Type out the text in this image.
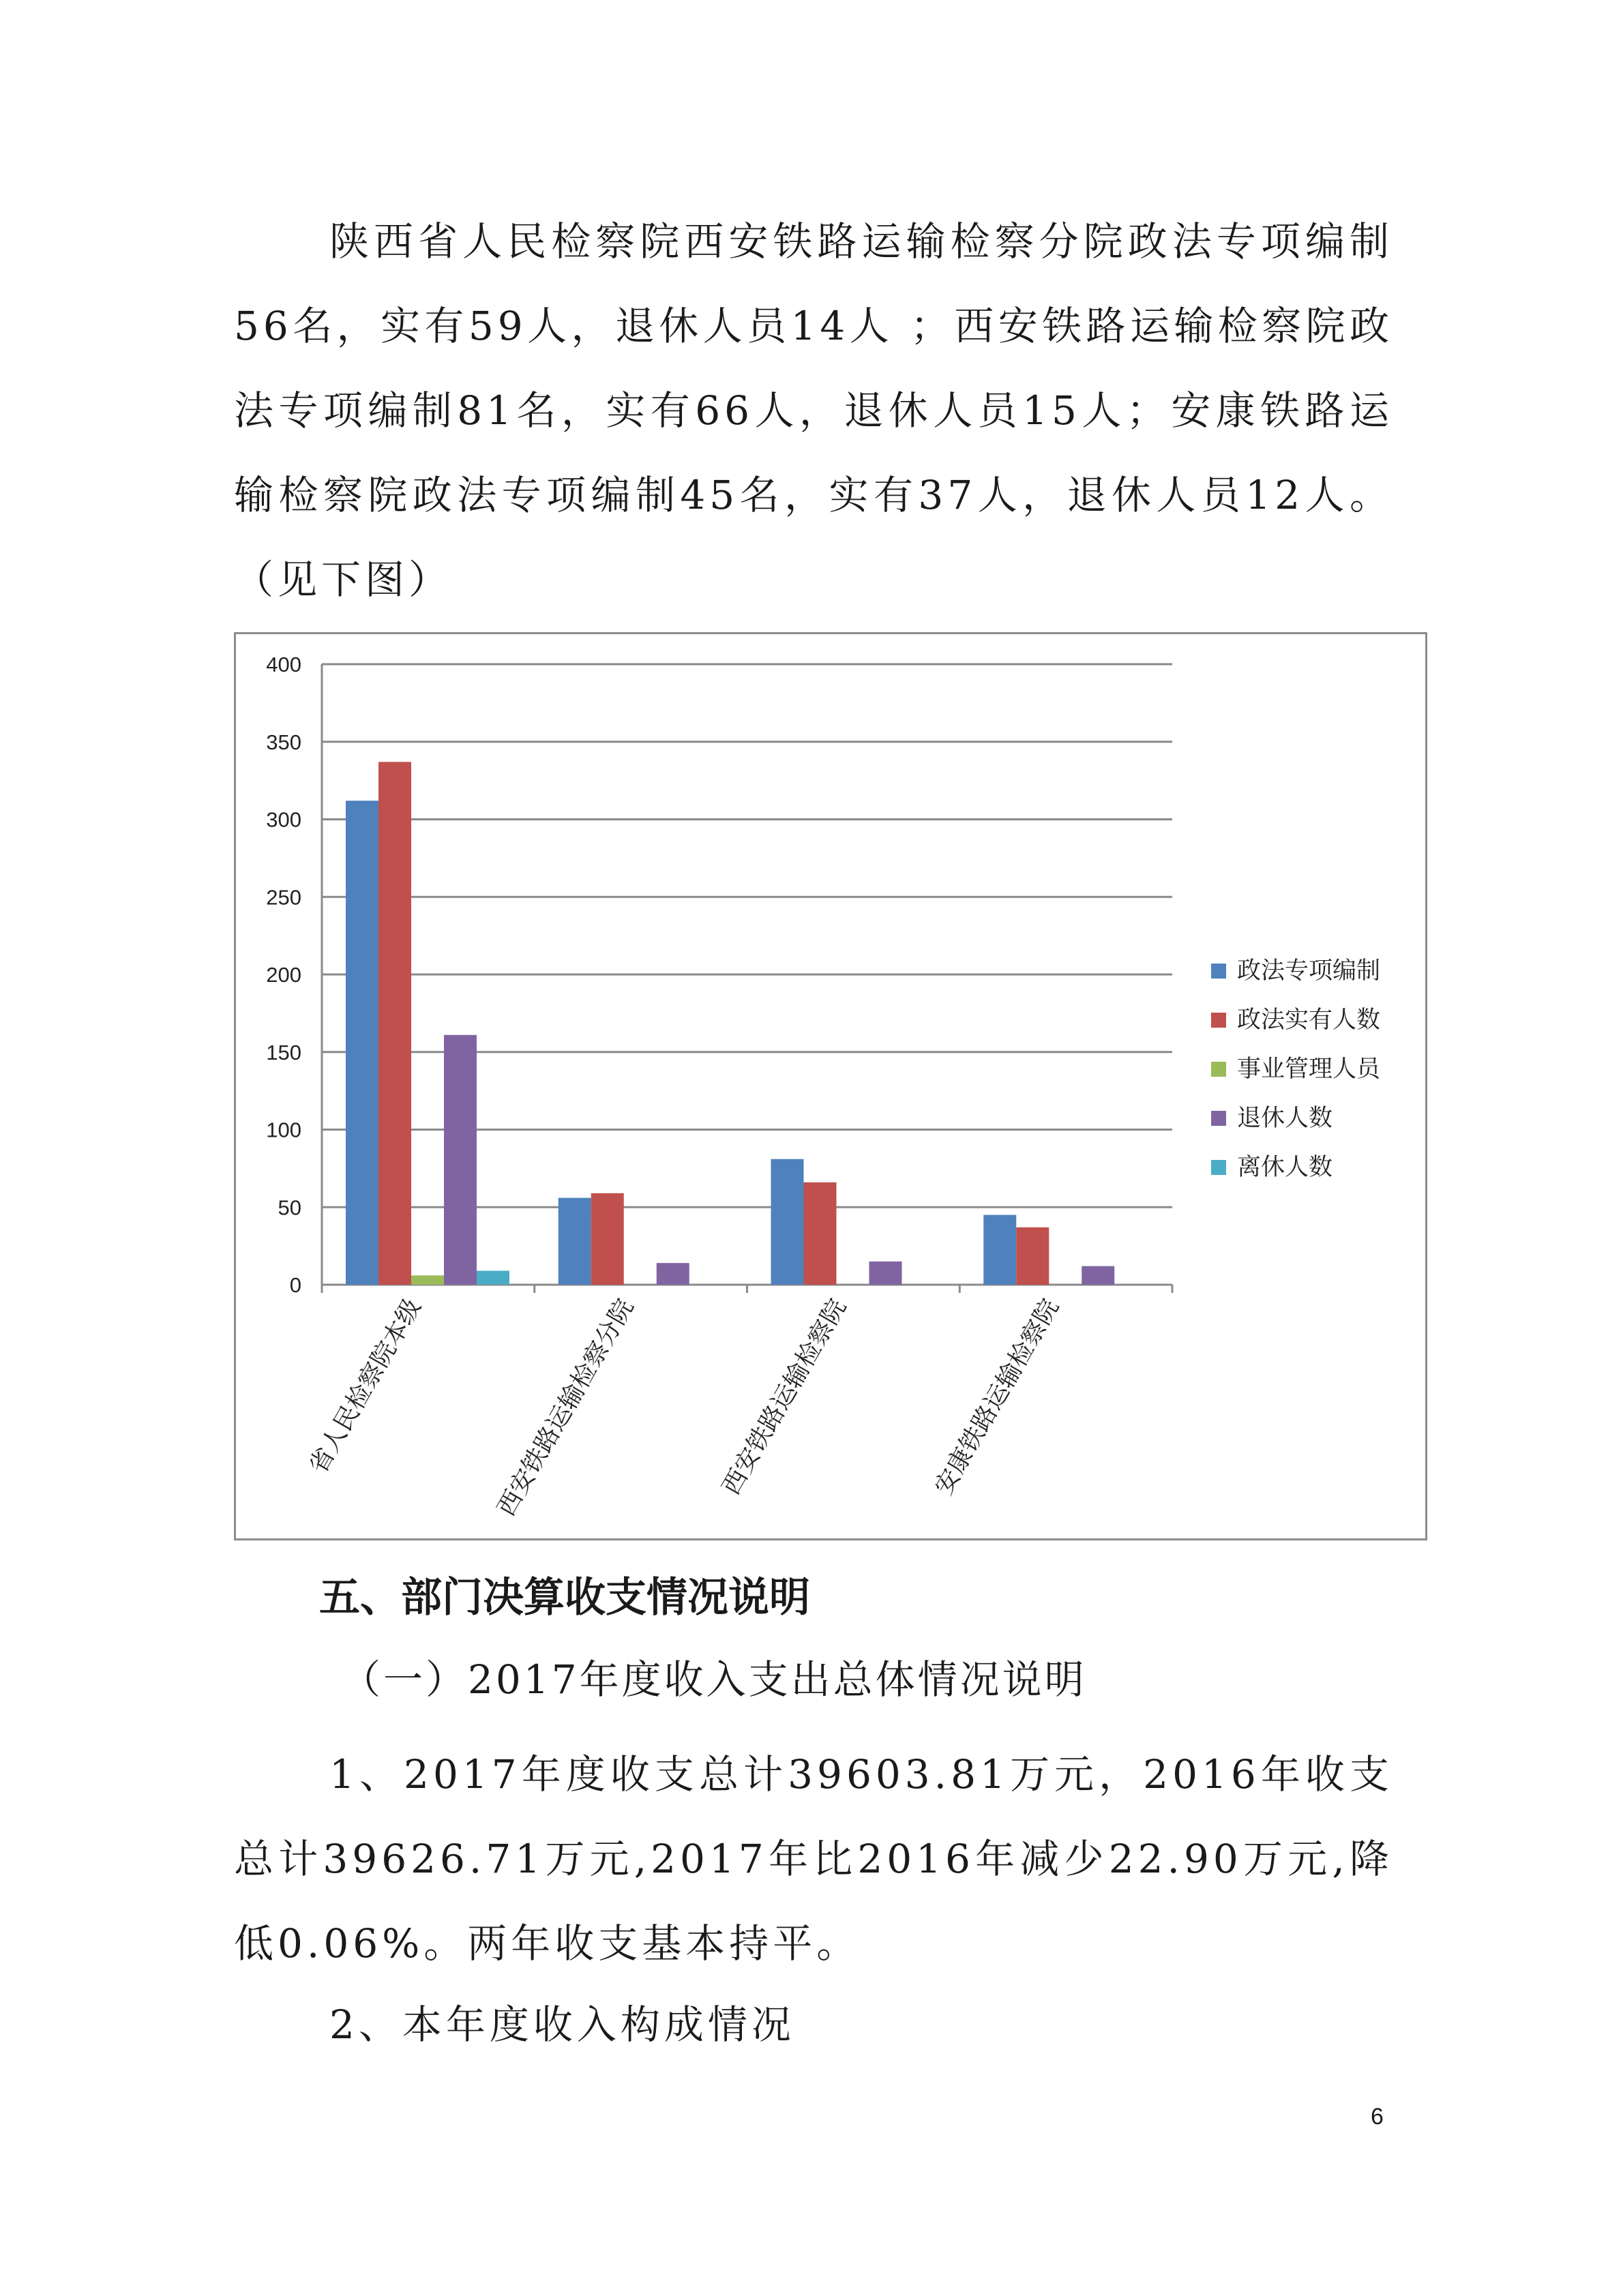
陕西省人民检察院西安铁路运输检察分院政法专项编制56名，实有59人，退休人员14人 ；西安铁路运输检察院政法专项编制81名，实有66人，退休人员15人；安康铁路运输检察院政法专项编制45名，实有37人，退休人员12人。（见下图）

0
50
100
150
200
250
300
350
400
省人民检察院本级	西安铁路运输检察分院	西安铁路运输检察院	安康铁路运输检察院
政法专项编制
政法实有人数
事业管理人员
退休人数
离休人数
五、部门决算收支情况说明

（一）2017年度收入支出总体情况说明

1、2017年度收支总计39603.81万元，2016年收支总计39626.71万元,2017年比2016年减少22.90万元,降低0.06%。两年收支基本持平。

2、本年度收入构成情况

6
